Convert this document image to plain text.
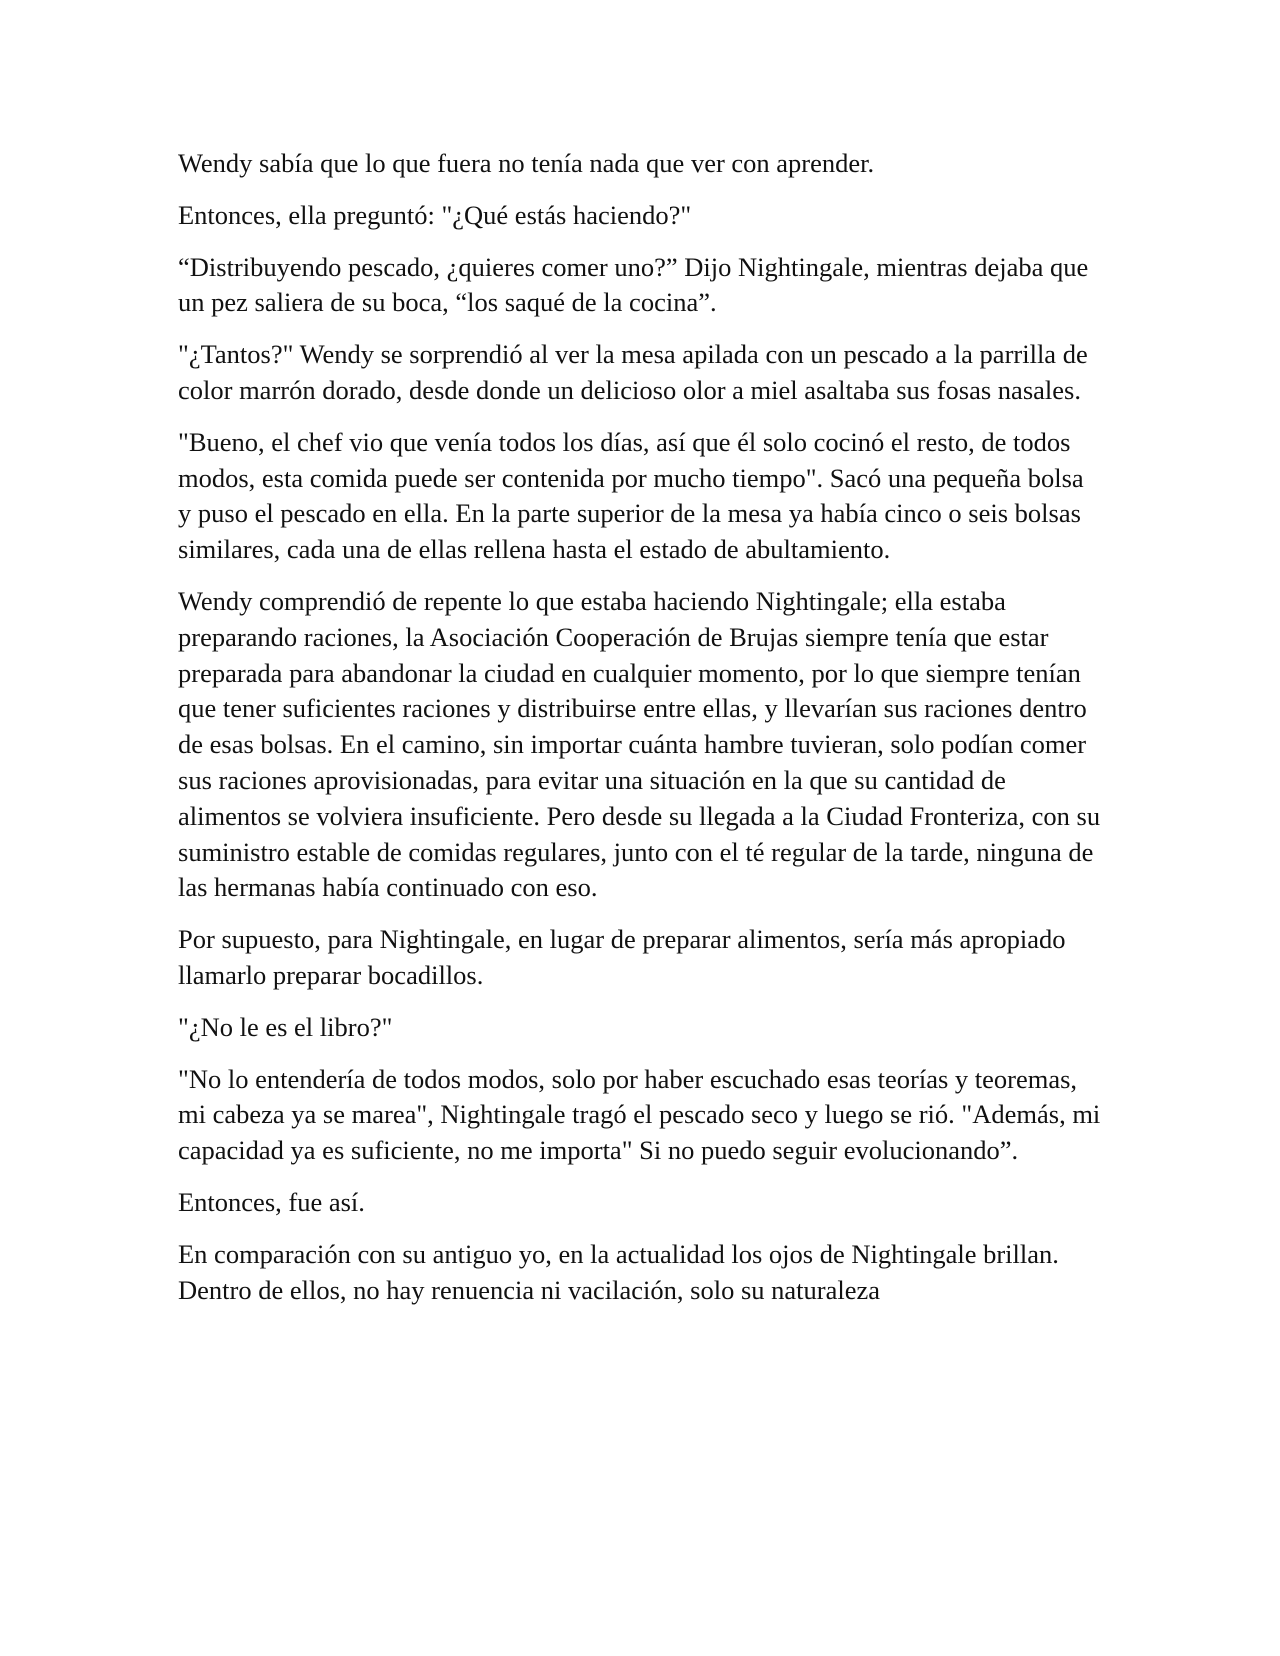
Wendy sabía que lo que fuera no tenía nada que ver con aprender.

Entonces, ella preguntó: "¿Qué estás haciendo?"

“Distribuyendo pescado, ¿quieres comer uno?” Dijo Nightingale, mientras dejaba que un pez saliera de su boca, “los saqué de la cocina”.

"¿Tantos?" Wendy se sorprendió al ver la mesa apilada con un pescado a la parrilla de color marrón dorado, desde donde un delicioso olor a miel asaltaba sus fosas nasales.

"Bueno, el chef vio que venía todos los días, así que él solo cocinó el resto, de todos modos, esta comida puede ser contenida por mucho tiempo". Sacó una pequeña bolsa y puso el pescado en ella. En la parte superior de la mesa ya había cinco o seis bolsas similares, cada una de ellas rellena hasta el estado de abultamiento.

Wendy comprendió de repente lo que estaba haciendo Nightingale; ella estaba preparando raciones, la Asociación Cooperación de Brujas siempre tenía que estar preparada para abandonar la ciudad en cualquier momento, por lo que siempre tenían que tener suficientes raciones y distribuirse entre ellas, y llevarían sus raciones dentro de esas bolsas. En el camino, sin importar cuánta hambre tuvieran, solo podían comer sus raciones aprovisionadas, para evitar una situación en la que su cantidad de alimentos se volviera insuficiente. Pero desde su llegada a la Ciudad Fronteriza, con su suministro estable de comidas regulares, junto con el té regular de la tarde, ninguna de las hermanas había continuado con eso.

Por supuesto, para Nightingale, en lugar de preparar alimentos, sería más apropiado llamarlo preparar bocadillos.

"¿No le es el libro?"

"No lo entendería de todos modos, solo por haber escuchado esas teorías y teoremas, mi cabeza ya se marea", Nightingale tragó el pescado seco y luego se rió. "Además, mi capacidad ya es suficiente, no me importa" Si no puedo seguir evolucionando”.

Entonces, fue así.

En comparación con su antiguo yo, en la actualidad los ojos de Nightingale brillan. Dentro de ellos, no hay renuencia ni vacilación, solo su naturaleza
